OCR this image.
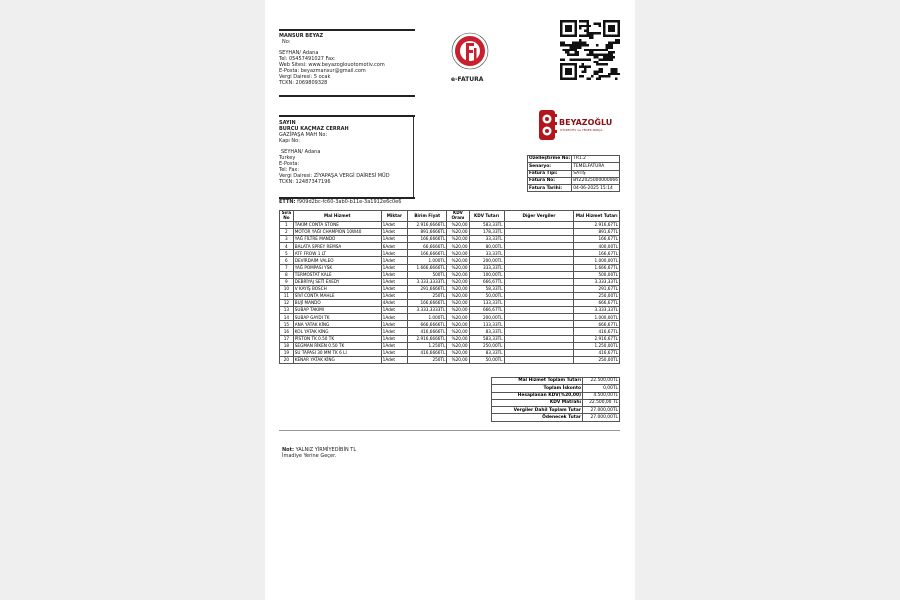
MANSUR BEYAZ
No:
SEYHAN/ Adana
Tel: 05457491027 Fax:
Web Sitesi: www.beyazoglouotomotiv.com
E-Posta: beyazmansur@gmail.com
Vergi Dairesi: 5 ocak
TCKN: 2069809328	e-FATURA
BEYAZOĞLU
OTOMOTİV ve YEDEK PARÇA
SAYIN
BURCU KAÇMAZ CERRAH
GAZİPAŞA MAH No:
Kapı No:
SEYHAN/ Adana
Turkey
E-Posta:
Tel: Fax:
Vergi Dairesi: ZİYAPAŞA VERGİ DAİRESİ MÜD
TCKN: 12487347196
ETTN: f909d2bc-fc60-3ab0-b11e-3a1912e6c0e6
Özelleştirme No:	TR1.2
Senaryo:	TEMELFATURA
Fatura Tipi:	SATIŞ
Fatura No:	BYZ2025000000066
Fatura Tarihi:	04-06-2025 15:14
Sıra No	Mal Hizmet	Miktar	Birim Fiyat	KDV Oranı	KDV Tutarı	Diğer Vergiler	Mal Hizmet Tutarı
1	TAKIM CONTA STONE	1Adet	2.916,6666TL	%20,00	583,33TL		2.916,67TL
2	MOTOR YAĞI CHAMPION 10W40	1Adet	891,6666TL	%20,00	178,33TL		891,67TL
3	YAĞ FİLTRE MANDO	1Adet	166,6666TL	%20,00	33,33TL		166,67TL
4	BALATA SPREY REMSA	6Adet	66,6666TL	%20,00	80,00TL		400,00TL
5	ATF FROW 1 LT	1Adet	166,6666TL	%20,00	33,33TL		166,67TL
6	DEVİRDAİM VALEO	1Adet	1.000TL	%20,00	200,00TL		1.000,00TL
7	YAĞ POMPASI YSK	1Adet	1.666,6666TL	%20,00	333,33TL		1.666,67TL
8	TERMOSTAT KALE	1Adet	500TL	%20,00	100,00TL		500,00TL
9	DEBRİYAJ SETİ EXEDY	1Adet	3.333,3333TL	%20,00	666,67TL		3.333,33TL
10	V KAYIŞ BOSCH	1Adet	291,6666TL	%20,00	58,33TL		291,67TL
11	SİVİ CONTA MAHLE	1Adet	250TL	%20,00	50,00TL		250,00TL
12	BUJİ MANDO	4Adet	166,6666TL	%20,00	133,33TL		666,67TL
13	SUBAP TAKIMI	1Adet	3.333,3333TL	%20,00	666,67TL		3.333,33TL
14	SUBAP GAYDI TK	1Adet	1.000TL	%20,00	200,00TL		1.000,00TL
15	ANA YATAK KİNG	1Adet	666,6666TL	%20,00	133,33TL		666,67TL
16	KOL YATAK KİNG	1Adet	416,6666TL	%20,00	83,33TL		416,67TL
17	PİSTON TK 0.50 TK	1Adet	2.916,6666TL	%20,00	583,33TL		2.916,67TL
18	SEGMAN RİKEN 0.50 TK	1Adet	1.250TL	%20,00	250,00TL		1.250,00TL
19	SU TAPASI 30 MM TK 6 LI	1Adet	416,6666TL	%20,00	83,33TL		416,67TL
20	KENAR YATAK KİNG	1Adet	250TL	%20,00	50,00TL		250,00TL
Mal Hizmet Toplam Tutarı	22.500,00TL
Toplam İskonto	0,00TL
Hesaplanan KDV(%20,00)	4.500,00TL
KDV Matrahı	22.500,00 TL
Vergiler Dahil Toplam Tutar	27.000,00TL
Ödenecek Tutar	27.000,00TL
Not: YALNIZ YİRMİYEDİBİN TL
İmadiye Yerine Geçer.
